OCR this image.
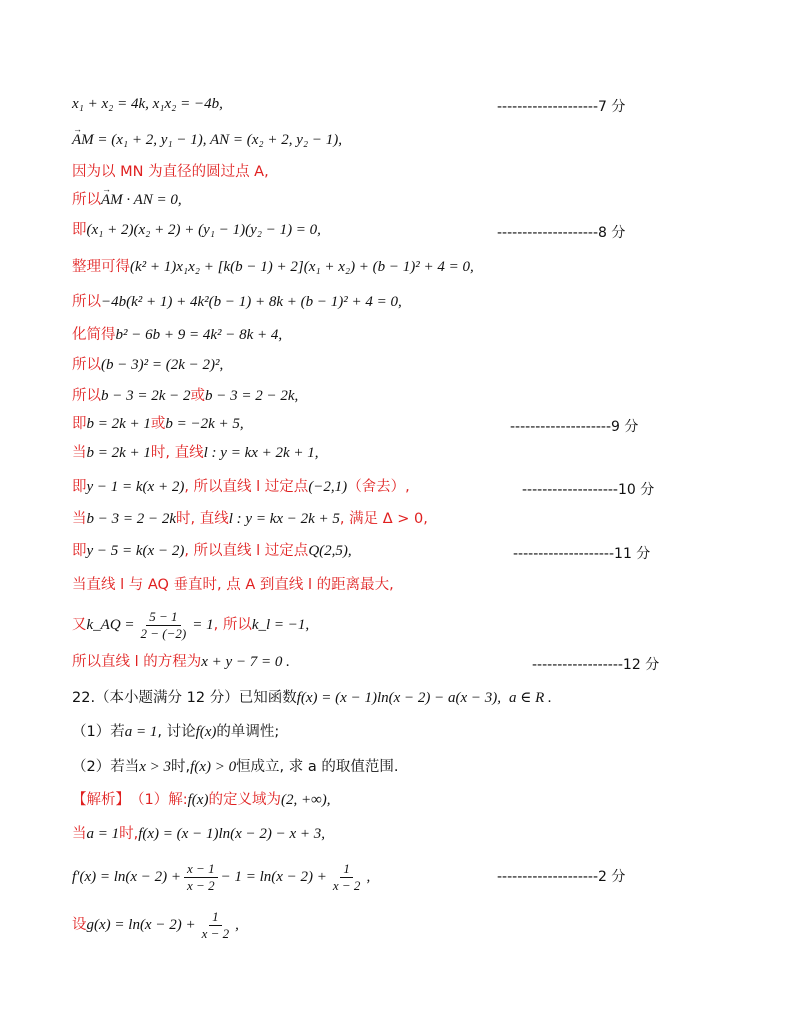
x₁ + x₂ = 4k, x₁x₂ = −4b,	--------------------7 分
→ AM = (x₁ + 2, y₁ − 1), AN = (x₂ + 2, y₂ − 1),
因为以 MN 为直径的圆过点 A,
所以
→ AM · AN = 0,
即 (x₁ + 2)(x₂ + 2) + (y₁ − 1)(y₂ − 1) = 0,	--------------------8 分
整理可得 (k² + 1)x₁x₂ + [k(b − 1) + 2](x₁ + x₂) + (b − 1)² + 4 = 0,
所以 −4b(k² + 1) + 4k²(b − 1) + 8k + (b − 1)² + 4 = 0,
化简得 b² − 6b + 9 = 4k² − 8k + 4,
所以 (b − 3)² = (2k − 2)²,
所以 b − 3 = 2k − 2 或 b − 3 = 2 − 2k,
即 b = 2k + 1 或 b = −2k + 5,	--------------------9 分
当 b = 2k + 1 时, 直线 l : y = kx + 2k + 1,
即 y − 1 = k(x + 2) , 所以直线 l 过定点 (−2,1) （舍去）,	-------------------10 分
当 b − 3 = 2 − 2k 时, 直线 l : y = kx − 2k + 5 , 满足 Δ > 0,
即 y − 5 = k(x − 2) , 所以直线 l 过定点 Q(2,5),	--------------------11 分
当直线 l 与 AQ 垂直时, 点 A 到直线 l 的距离最大,
又 k_AQ = $\frac{5 - 1}{2 - (-2)} = 1$ , 所以 k_l = −1,
所以直线 l 的方程为 x + y − 7 = 0 .	------------------12 分
22.（本小题满分 12 分）已知函数 f(x) = (x − 1)ln(x − 2) − a(x − 3), a ∈ R .
（1）若 a = 1 , 讨论 f(x) 的单调性;
（2）若当 x > 3 时, f(x) > 0 恒成立, 求 a 的取值范围.
【解析】 （1）解: f(x) 的定义域为 (2, +∞),
当 a = 1 时, f(x) = (x − 1)ln(x − 2) − x + 3,
$f'(x) = \ln(x - 2) + \frac{x - 1}{x - 2} - 1 = \ln(x - 2) + \frac{1}{x - 2}$ ,	--------------------2 分
设 $g(x) = \ln(x - 2) + \frac{1}{x - 2}$ ,
